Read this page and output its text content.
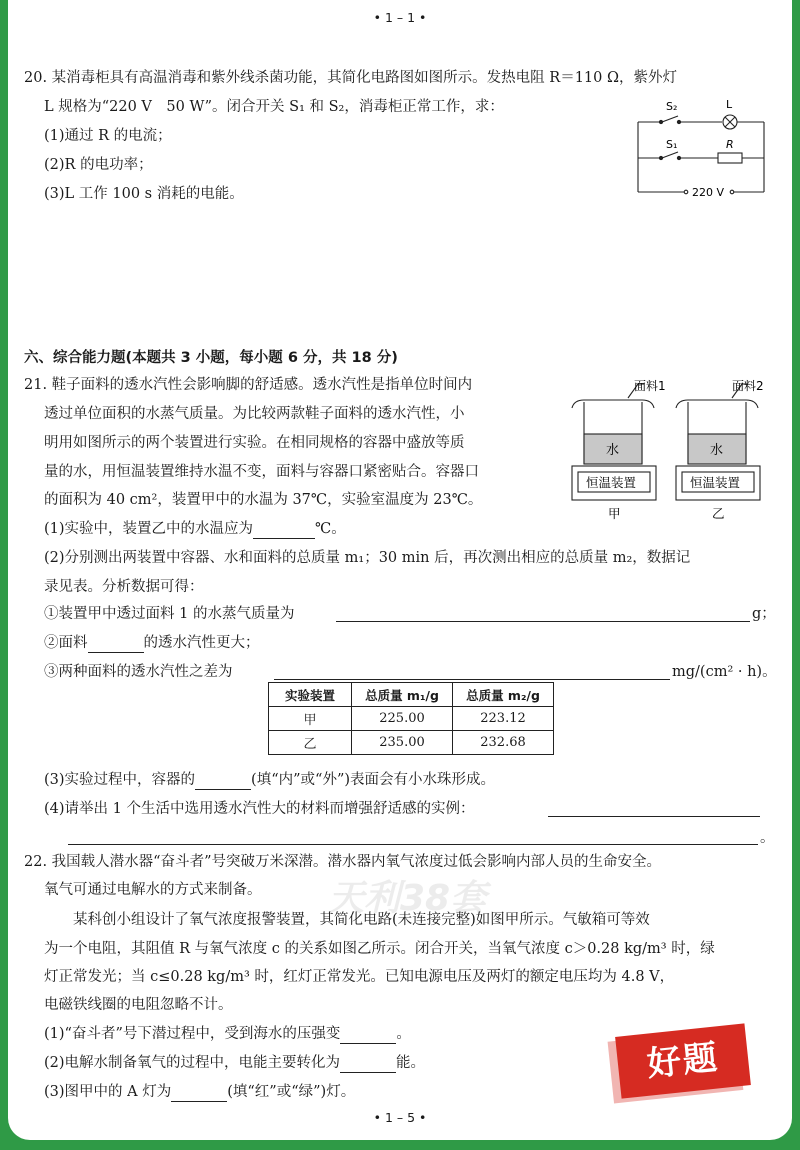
• 1 – 1 •
20. 某消毒柜具有高温消毒和紫外线杀菌功能，其简化电路图如图所示。发热电阻 R＝110 Ω，紫外灯
L 规格为“220 V　50 W”。闭合开关 S₁ 和 S₂，消毒柜正常工作，求：
(1)通过 R 的电流；
(2)R 的电功率；
(3)L 工作 100 s 消耗的电能。
S₂	L
S₁	R
220 V
六、综合能力题(本题共 3 小题，每小题 6 分，共 18 分)
21. 鞋子面料的透水汽性会影响脚的舒适感。透水汽性是指单位时间内
透过单位面积的水蒸气质量。为比较两款鞋子面料的透水汽性，小
明用如图所示的两个装置进行实验。在相同规格的容器中盛放等质
量的水，用恒温装置维持水温不变，面料与容器口紧密贴合。容器口
的面积为 40 cm²，装置甲中的水温为 37℃，实验室温度为 23℃。
面料1	面料2
水	水
恒温装置	恒温装置
甲	乙
(1)实验中，装置乙中的水温应为	℃。
(2)分别测出两装置中容器、水和面料的总质量 m₁；30 min 后，再次测出相应的总质量 m₂，数据记
录见表。分析数据可得：
①装置甲中透过面料 1 的水蒸气质量为	g；
②面料	的透水汽性更大；
③两种面料的透水汽性之差为	mg/(cm² · h)。
实验装置	总质量 m₁/g	总质量 m₂/g
甲	225.00	223.12
乙	235.00	232.68
(3)实验过程中，容器的	(填“内”或“外”)表面会有小水珠形成。
(4)请举出 1 个生活中选用透水汽性大的材料而增强舒适感的实例：
。
天利38套
22. 我国载人潜水器“奋斗者”号突破万米深潜。潜水器内氧气浓度过低会影响内部人员的生命安全。
氧气可通过电解水的方式来制备。
　　某科创小组设计了氧气浓度报警装置，其简化电路(未连接完整)如图甲所示。气敏箱可等效
为一个电阻，其阻值 R 与氧气浓度 c 的关系如图乙所示。闭合开关，当氧气浓度 c＞0.28 kg/m³ 时，绿
灯正常发光；当 c≤0.28 kg/m³ 时，红灯正常发光。已知电源电压及两灯的额定电压均为 4.8 V，
电磁铁线圈的电阻忽略不计。
(1)“奋斗者”号下潜过程中，受到海水的压强变	。
(2)电解水制备氧气的过程中，电能主要转化为	能。
(3)图甲中的 A 灯为	(填“红”或“绿”)灯。
好题
• 1 – 5 •
